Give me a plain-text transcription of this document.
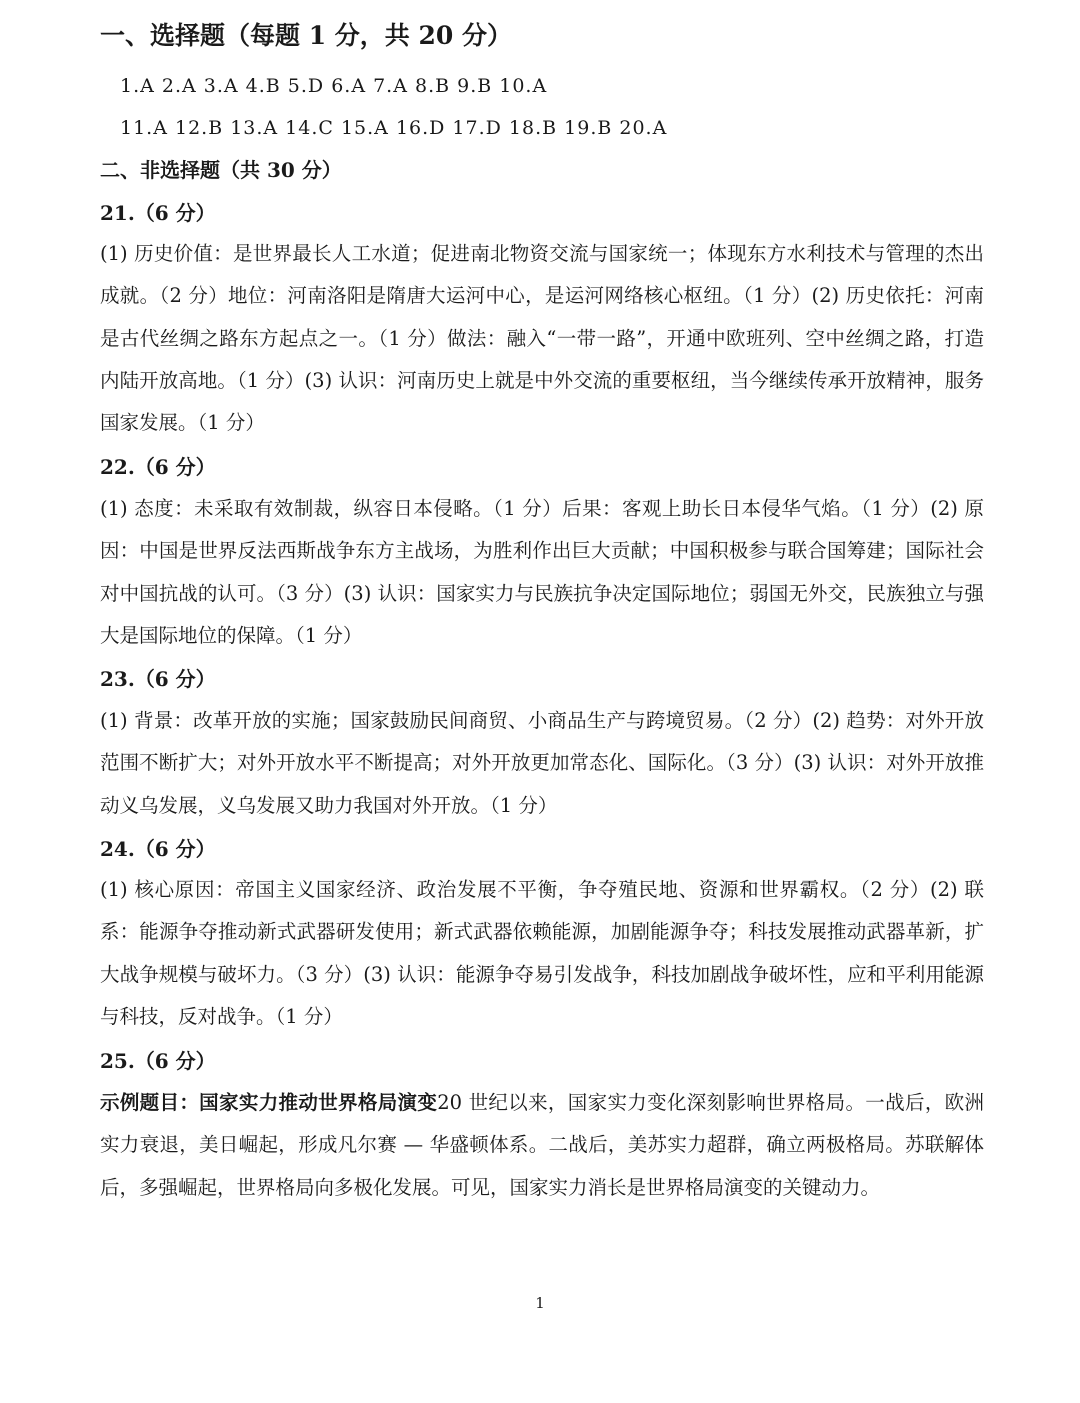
一、选择题（每题 1 分，共 20 分）
1.A 2.A 3.A 4.B 5.D 6.A 7.A 8.B 9.B 10.A
11.A 12.B 13.A 14.C 15.A 16.D 17.D 18.B 19.B 20.A
二、非选择题（共 30 分）
21.（6 分）

(1) 历史价值：是世界最长人工水道；促进南北物资交流与国家统一；体现东方水利技术与管理的杰出成就。（2 分）地位：河南洛阳是隋唐大运河中心，是运河网络核心枢纽。（1 分）(2) 历史依托：河南是古代丝绸之路东方起点之一。（1 分）做法：融入“一带一路”，开通中欧班列、空中丝绸之路，打造内陆开放高地。（1 分）(3) 认识：河南历史上就是中外交流的重要枢纽，当今继续传承开放精神，服务国家发展。（1 分）

22.（6 分）

(1) 态度：未采取有效制裁，纵容日本侵略。（1 分）后果：客观上助长日本侵华气焰。（1 分）(2) 原因：中国是世界反法西斯战争东方主战场，为胜利作出巨大贡献；中国积极参与联合国筹建；国际社会对中国抗战的认可。（3 分）(3) 认识：国家实力与民族抗争决定国际地位；弱国无外交，民族独立与强大是国际地位的保障。（1 分）

23.（6 分）

(1) 背景：改革开放的实施；国家鼓励民间商贸、小商品生产与跨境贸易。（2 分）(2) 趋势：对外开放范围不断扩大；对外开放水平不断提高；对外开放更加常态化、国际化。（3 分）(3) 认识：对外开放推动义乌发展，义乌发展又助力我国对外开放。（1 分）

24.（6 分）

(1) 核心原因：帝国主义国家经济、政治发展不平衡，争夺殖民地、资源和世界霸权。（2 分）(2) 联系：能源争夺推动新式武器研发使用；新式武器依赖能源，加剧能源争夺；科技发展推动武器革新，扩大战争规模与破坏力。（3 分）(3) 认识：能源争夺易引发战争，科技加剧战争破坏性，应和平利用能源与科技，反对战争。（1 分）

25.（6 分）

示例题目：国家实力推动世界格局演变20 世纪以来，国家实力变化深刻影响世界格局。一战后，欧洲实力衰退，美日崛起，形成凡尔赛 — 华盛顿体系。二战后，美苏实力超群，确立两极格局。苏联解体后，多强崛起，世界格局向多极化发展。可见，国家实力消长是世界格局演变的关键动力。

1
